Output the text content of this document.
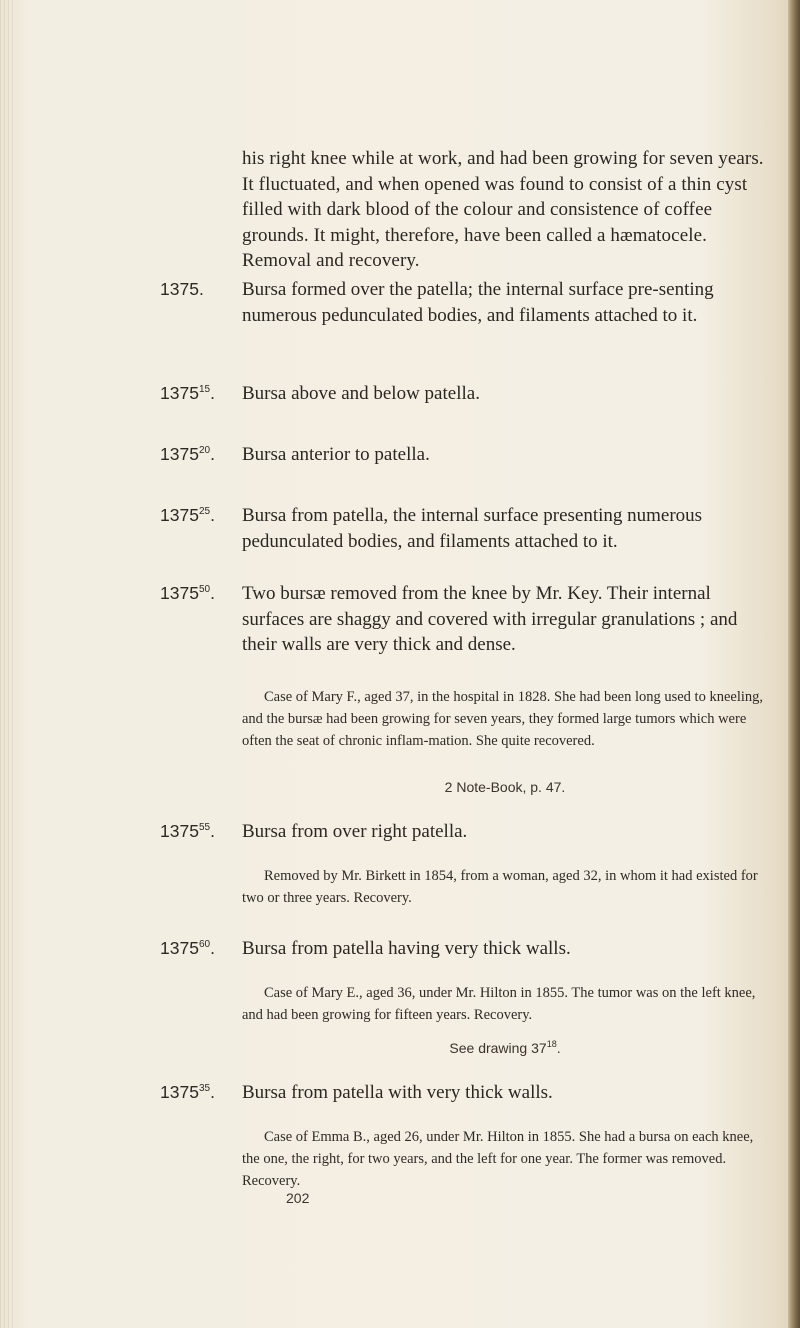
his right knee while at work, and had been growing for seven years. It fluctuated, and when opened was found to consist of a thin cyst filled with dark blood of the colour and consistence of coffee grounds. It might, therefore, have been called a hæmatocele. Removal and recovery.

1375. Bursa formed over the patella; the internal surface pre-senting numerous pedunculated bodies, and filaments attached to it.

1375$^{15}$. Bursa above and below patella.

1375$^{20}$. Bursa anterior to patella.

1375$^{25}$. Bursa from patella, the internal surface presenting numerous pedunculated bodies, and filaments attached to it.

1375$^{50}$. Two bursæ removed from the knee by Mr. Key. Their internal surfaces are shaggy and covered with irregular granulations ; and their walls are very thick and dense.

Case of Mary F., aged 37, in the hospital in 1828. She had been long used to kneeling, and the bursæ had been growing for seven years, they formed large tumors which were often the seat of chronic inflam-mation. She quite recovered.

2 Note-Book, p. 47.
1375$^{55}$. Bursa from over right patella.

Removed by Mr. Birkett in 1854, from a woman, aged 32, in whom it had existed for two or three years. Recovery.

1375$^{60}$. Bursa from patella having very thick walls.

Case of Mary E., aged 36, under Mr. Hilton in 1855. The tumor was on the left knee, and had been growing for fifteen years. Recovery.

See drawing $37^{18}$.
1375$^{35}$. Bursa from patella with very thick walls.

Case of Emma B., aged 26, under Mr. Hilton in 1855. She had a bursa on each knee, the one, the right, for two years, and the left for one year. The former was removed. Recovery.

202
